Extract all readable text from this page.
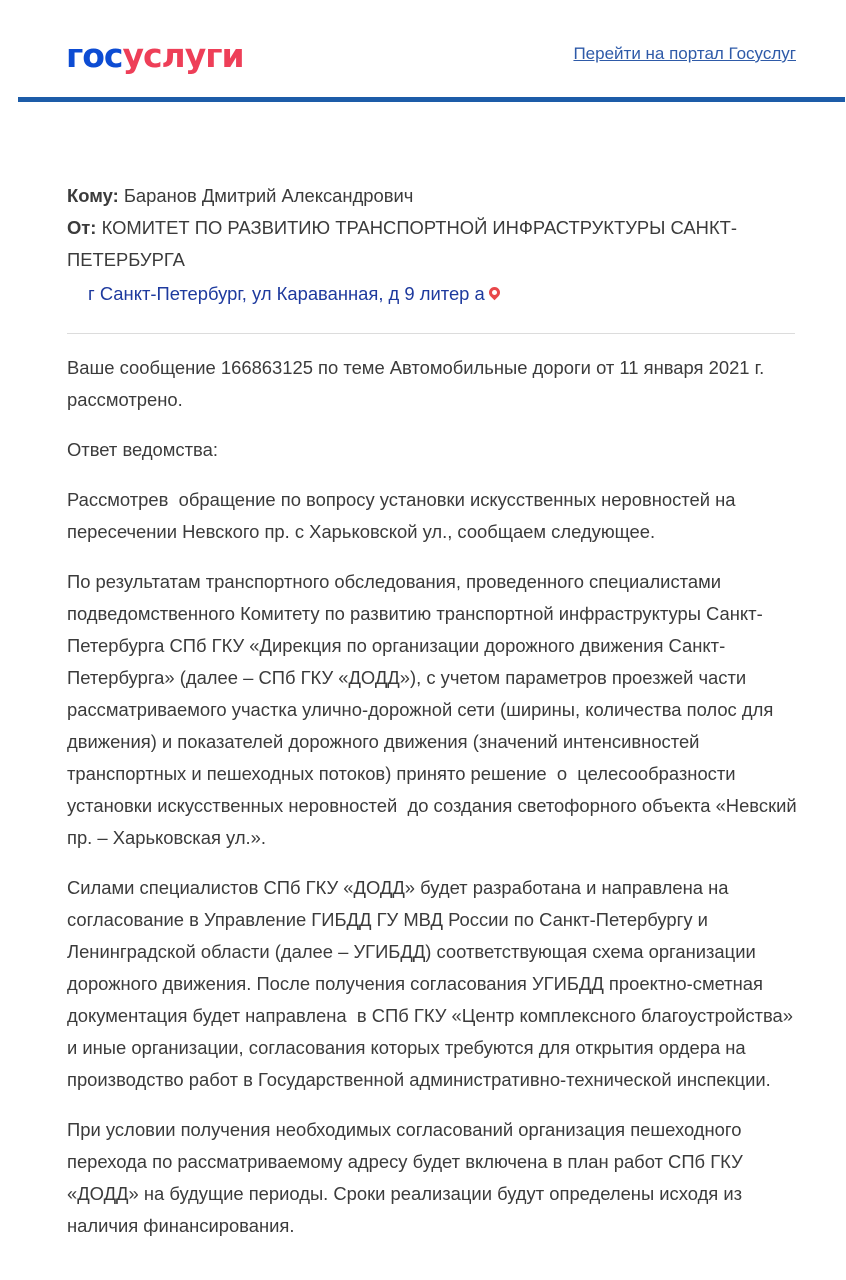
госуслуги	Перейти на портал Госуслуг

Кому: Баранов Дмитрий Александрович

От: КОМИТЕТ ПО РАЗВИТИЮ ТРАНСПОРТНОЙ ИНФРАСТРУКТУРЫ САНКТ-ПЕТЕРБУРГА

г Санкт-Петербург, ул Караванная, д 9 литер а

Ваше сообщение 166863125 по теме Автомобильные дороги от 11 января 2021 г. рассмотрено.

Ответ ведомства:

Рассмотрев  обращение по вопросу установки искусственных неровностей на пересечении Невского пр. с Харьковской ул., сообщаем следующее.

По результатам транспортного обследования, проведенного специалистами подведомственного Комитету по развитию транспортной инфраструктуры Санкт-Петербурга СПб ГКУ «Дирекция по организации дорожного движения Санкт-Петербурга» (далее – СПб ГКУ «ДОДД»), с учетом параметров проезжей части рассматриваемого участка улично-дорожной сети (ширины, количества полос для движения) и показателей дорожного движения (значений интенсивностей транспортных и пешеходных потоков) принято решение  о  целесообразности установки искусственных неровностей  до создания светофорного объекта «Невский пр. – Харьковская ул.».

Силами специалистов СПб ГКУ «ДОДД» будет разработана и направлена на согласование в Управление ГИБДД ГУ МВД России по Санкт-Петербургу и Ленинградской области (далее – УГИБДД) соответствующая схема организации дорожного движения. После получения согласования УГИБДД проектно-сметная документация будет направлена  в СПб ГКУ «Центр комплексного благоустройства» и иные организации, согласования которых требуются для открытия ордера на производство работ в Государственной административно-технической инспекции.

При условии получения необходимых согласований организация пешеходного перехода по рассматриваемому адресу будет включена в план работ СПб ГКУ «ДОДД» на будущие периоды. Сроки реализации будут определены исходя из наличия финансирования.
